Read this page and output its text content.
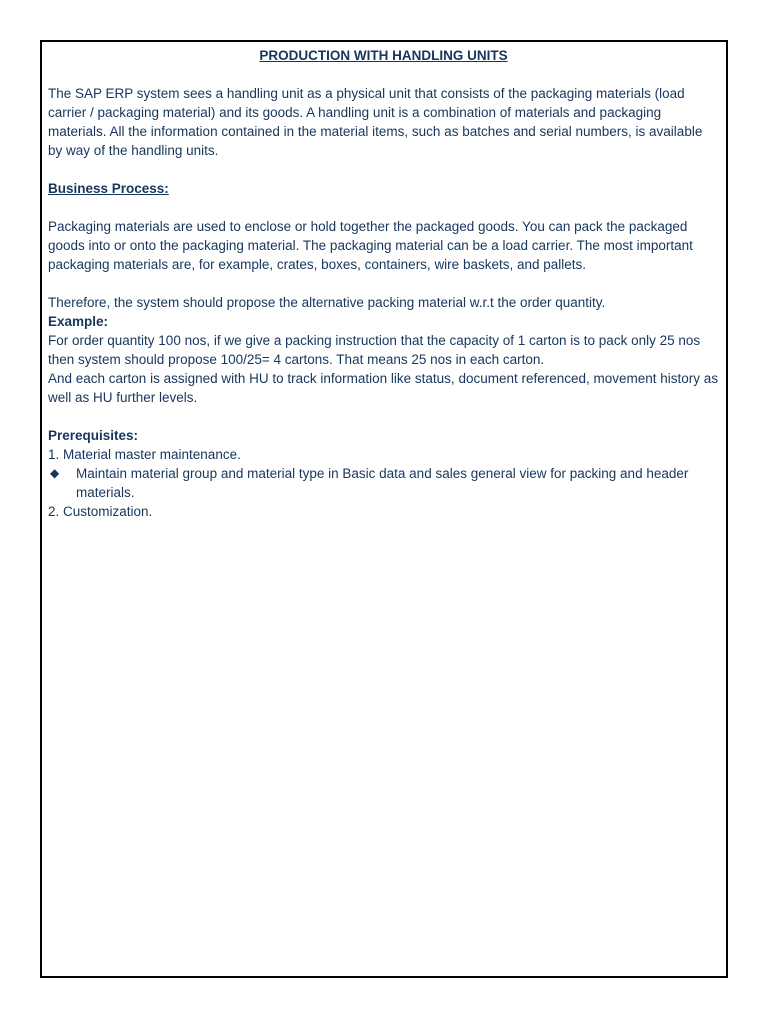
PRODUCTION WITH HANDLING UNITS

The SAP ERP system sees a handling unit as a physical unit that consists of the packaging materials (load carrier / packaging material) and its goods. A handling unit is a combination of materials and packaging materials. All the information contained in the material items, such as batches and serial numbers, is available by way of the handling units.

Business Process:

Packaging materials are used to enclose or hold together the packaged goods. You can pack the packaged goods into or onto the packaging material. The packaging material can be a load carrier. The most important packaging materials are, for example, crates, boxes, containers, wire baskets, and pallets.

Therefore, the system should propose the alternative packing material w.r.t the order quantity.

Example:

For order quantity 100 nos, if we give a packing instruction that the capacity of 1 carton is to pack only 25 nos then system should propose 100/25= 4 cartons. That means 25 nos in each carton.

And each carton is assigned with HU to track information like status, document referenced, movement history as well as HU further levels.

Prerequisites:

1. Material master maintenance.

◆	Maintain material group and material type in Basic data and sales general view for packing and header materials.

2. Customization.
